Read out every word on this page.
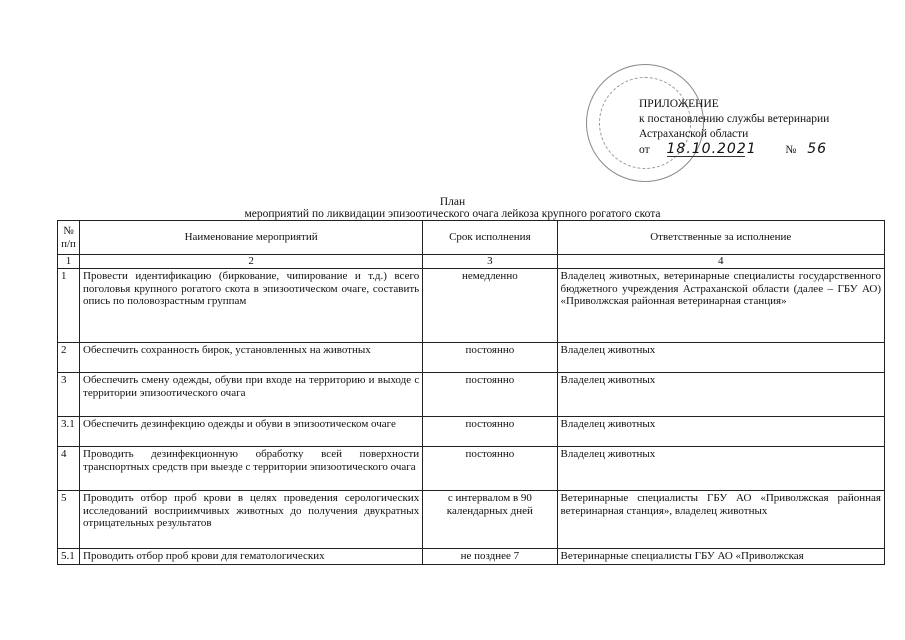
ПРИЛОЖЕНИЕ
к постановлению службы ветеринарии
Астраханской области
от 18.10.2021 № 56
План
мероприятий по ликвидации эпизоотического очага лейкоза крупного рогатого скота
№ п/п	Наименование мероприятий	Срок исполнения	Ответственные за исполнение
1	2	3	4
1	Провести идентификацию (биркование, чипирование и т.д.) всего поголовья крупного рогатого скота в эпизоотическом очаге, составить опись по половозрастным группам	немедленно	Владелец животных, ветеринарные специалисты государственного бюджетного учреждения Астраханской области (далее – ГБУ АО) «Приволжская районная ветеринарная станция»
2	Обеспечить сохранность бирок, установленных на животных	постоянно	Владелец животных
3	Обеспечить смену одежды, обуви при входе на территорию и выходе с территории эпизоотического очага	постоянно	Владелец животных
3.1	Обеспечить дезинфекцию одежды и обуви в эпизоотическом очаге	постоянно	Владелец животных
4	Проводить дезинфекционную обработку всей поверхности транспортных средств при выезде с территории эпизоотического очага	постоянно	Владелец животных
5	Проводить отбор проб крови в целях проведения серологических исследований восприимчивых животных до получения двукратных отрицательных результатов	с интервалом в 90 календарных дней	Ветеринарные специалисты ГБУ АО «Приволжская районная ветеринарная станция», владелец животных
5.1	Проводить отбор проб крови для гематологических	не позднее 7	Ветеринарные специалисты ГБУ АО «Приволжская
